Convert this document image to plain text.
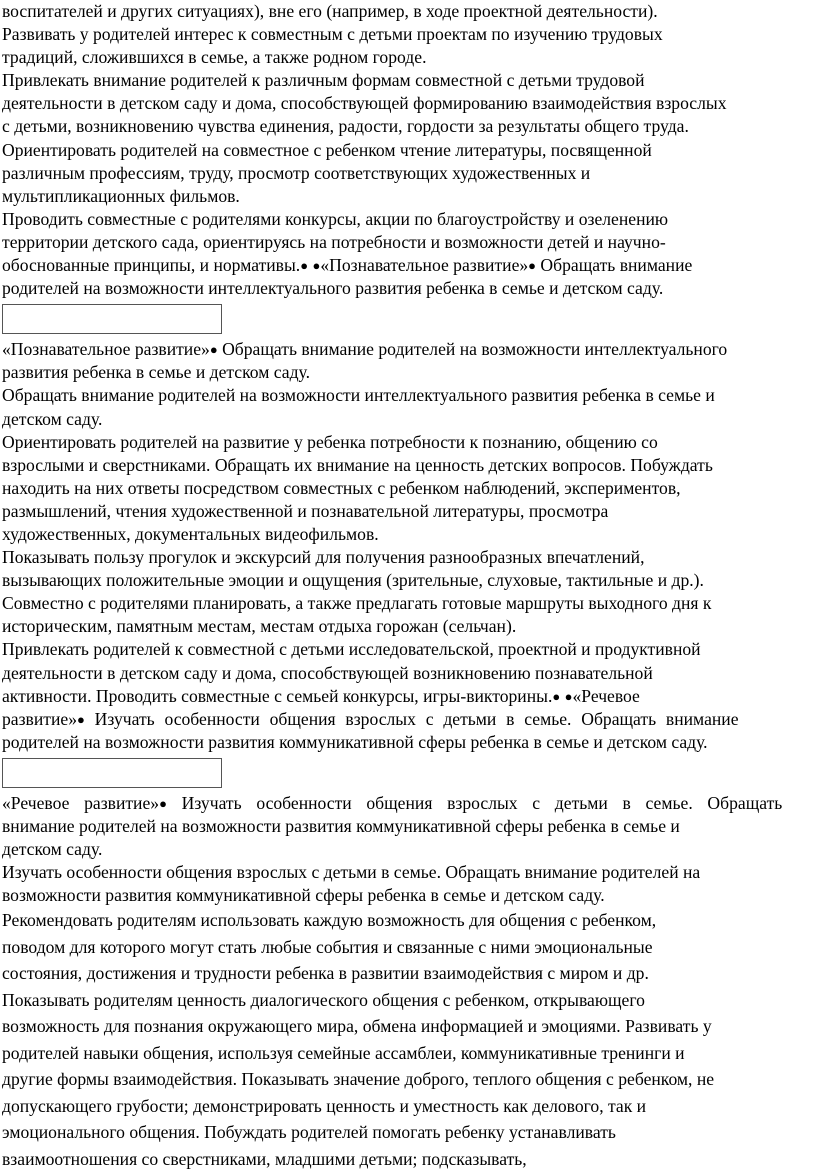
воспитателей и других ситуациях), вне его (например, в ходе проектной деятельности).
Развивать у родителей интерес к совместным с детьми проектам по изучению трудовых
традиций, сложившихся в семье, а также родном городе.
Привлекать внимание родителей к различным формам совместной с детьми трудовой
деятельности в детском саду и дома, способствующей формированию взаимодействия взрослых
с детьми, возникновению чувства единения, радости, гордости за результаты общего труда.
Ориентировать родителей на совместное с ребенком чтение литературы, посвященной
различным профессиям, труду, просмотр соответствующих художественных и
мультипликационных фильмов.
Проводить совместные с родителями конкурсы, акции по благоустройству и озеленению
территории детского сада, ориентируясь на потребности и возможности детей и научно-
обоснованные принципы, и нормативы.● ●«Познавательное развитие»● Обращать внимание
родителей на возможности интеллектуального развития ребенка в семье и детском саду.
«Познавательное развитие»● Обращать внимание родителей на возможности интеллектуального
развития ребенка в семье и детском саду.
Обращать внимание родителей на возможности интеллектуального развития ребенка в семье и
детском саду.
Ориентировать родителей на развитие у ребенка потребности к познанию, общению со
взрослыми и сверстниками. Обращать их внимание на ценность детских вопросов. Побуждать
находить на них ответы посредством совместных с ребенком наблюдений, экспериментов,
размышлений, чтения художественной и познавательной литературы, просмотра
художественных, документальных видеофильмов.
Показывать пользу прогулок и экскурсий для получения разнообразных впечатлений,
вызывающих положительные эмоции и ощущения (зрительные, слуховые, тактильные и др.).
Совместно с родителями планировать, а также предлагать готовые маршруты выходного дня к
историческим, памятным местам, местам отдыха горожан (сельчан).
Привлекать родителей к совместной с детьми исследовательской, проектной и продуктивной
деятельности в детском саду и дома, способствующей возникновению познавательной
активности. Проводить совместные с семьей конкурсы, игры-викторины.● ●«Речевое
развитие»● Изучать особенности общения взрослых с детьми в семье. Обращать внимание
родителей на возможности развития коммуникативной сферы ребенка в семье и детском саду.
«Речевое развитие»● Изучать особенности общения взрослых с детьми в семье. Обращать
внимание родителей на возможности развития коммуникативной сферы ребенка в семье и
детском саду.
Изучать особенности общения взрослых с детьми в семье. Обращать внимание родителей на
возможности развития коммуникативной сферы ребенка в семье и детском саду.
Рекомендовать родителям использовать каждую возможность для общения с ребенком,
поводом для которого могут стать любые события и связанные с ними эмоциональные
состояния, достижения и трудности ребенка в развитии взаимодействия с миром и др.
Показывать родителям ценность диалогического общения с ребенком, открывающего
возможность для познания окружающего мира, обмена информацией и эмоциями. Развивать у
родителей навыки общения, используя семейные ассамблеи, коммуникативные тренинги и
другие формы взаимодействия. Показывать значение доброго, теплого общения с ребенком, не
допускающего грубости; демонстрировать ценность и уместность как делового, так и
эмоционального общения. Побуждать родителей помогать ребенку устанавливать
взаимоотношения со сверстниками, младшими детьми; подсказывать,
